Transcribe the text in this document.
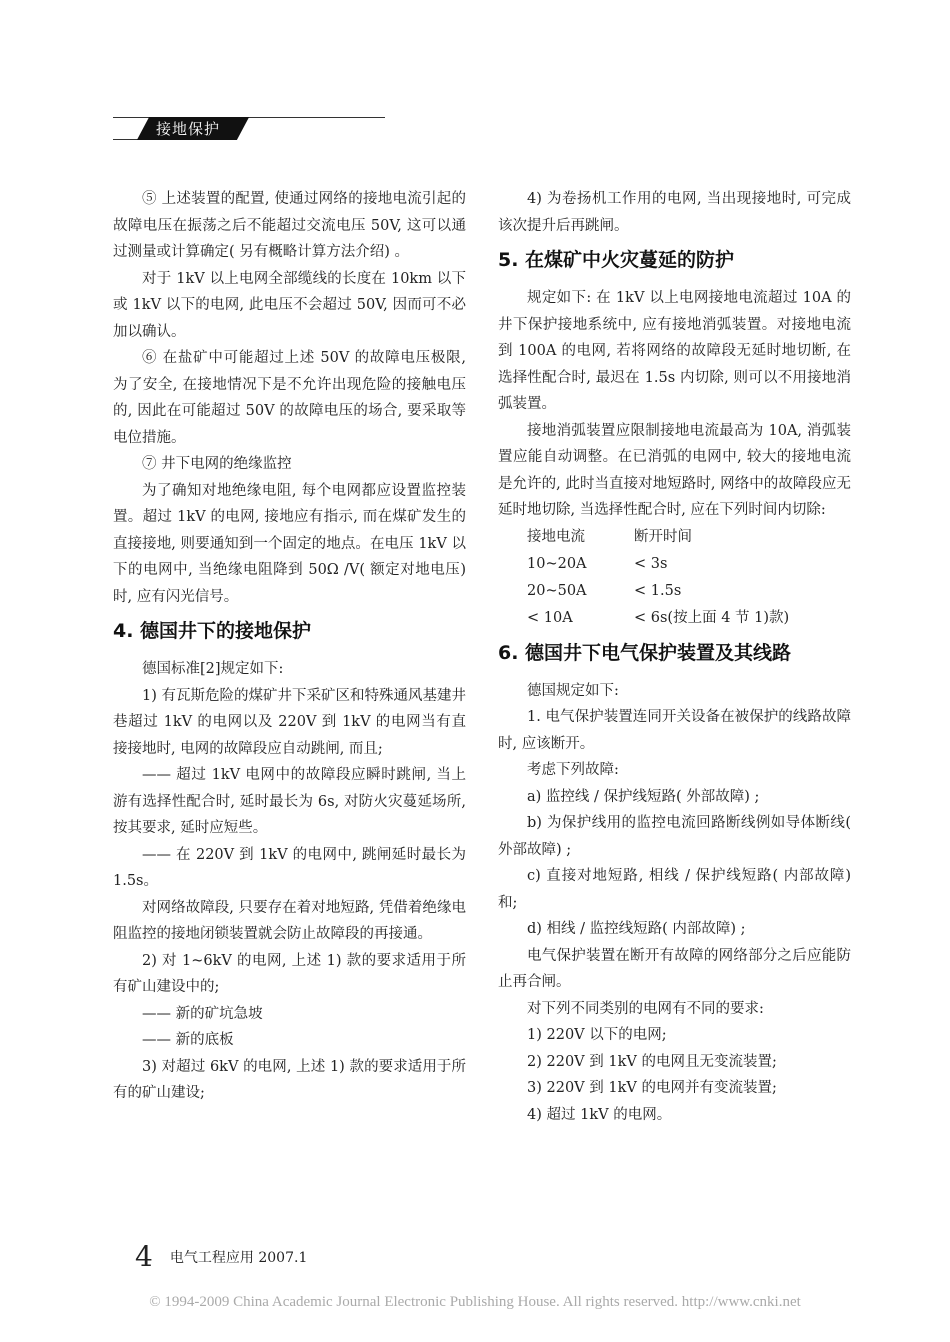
接地保护

⑤ 上述装置的配置, 使通过网络的接地电流引起的故障电压在振荡之后不能超过交流电压 50V, 这可以通过测量或计算确定( 另有概略计算方法介绍) 。

对于 1kV 以上电网全部缆线的长度在 10km 以下或 1kV 以下的电网, 此电压不会超过 50V, 因而可不必加以确认。

⑥ 在盐矿中可能超过上述 50V 的故障电压极限, 为了安全, 在接地情况下是不允许出现危险的接触电压的, 因此在可能超过 50V 的故障电压的场合, 要采取等电位措施。

⑦ 井下电网的绝缘监控

为了确知对地绝缘电阻, 每个电网都应设置监控装置。超过 1kV 的电网, 接地应有指示, 而在煤矿发生的直接接地, 则要通知到一个固定的地点。在电压 1kV 以下的电网中, 当绝缘电阻降到 50Ω /V( 额定对地电压) 时, 应有闪光信号。

4. 德国井下的接地保护

德国标准[2]规定如下:

1) 有瓦斯危险的煤矿井下采矿区和特殊通风基建井巷超过 1kV 的电网以及 220V 到 1kV 的电网当有直接接地时, 电网的故障段应自动跳闸, 而且;

—— 超过 1kV 电网中的故障段应瞬时跳闸, 当上游有选择性配合时, 延时最长为 6s, 对防火灾蔓延场所, 按其要求, 延时应短些。

—— 在 220V 到 1kV 的电网中, 跳闸延时最长为 1.5s。

对网络故障段, 只要存在着对地短路, 凭借着绝缘电阻监控的接地闭锁装置就会防止故障段的再接通。

2) 对 1~6kV 的电网, 上述 1) 款的要求适用于所有矿山建设中的;

—— 新的矿坑急坡

—— 新的底板

3) 对超过 6kV 的电网, 上述 1) 款的要求适用于所有的矿山建设;

4) 为卷扬机工作用的电网, 当出现接地时, 可完成该次提升后再跳闸。

5. 在煤矿中火灾蔓延的防护

规定如下: 在 1kV 以上电网接地电流超过 10A 的井下保护接地系统中, 应有接地消弧装置。对接地电流到 100A 的电网, 若将网络的故障段无延时地切断, 在选择性配合时, 最迟在 1.5s 内切除, 则可以不用接地消弧装置。

接地消弧装置应限制接地电流最高为 10A, 消弧装置应能自动调整。在已消弧的电网中, 较大的接地电流是允许的, 此时当直接对地短路时, 网络中的故障段应无延时地切除, 当选择性配合时, 应在下列时间内切除:

接地电流	断开时间
10~20A	< 3s
20~50A	< 1.5s
< 10A	< 6s(按上面 4 节 1)款)
6. 德国井下电气保护装置及其线路

德国规定如下:

1. 电气保护装置连同开关设备在被保护的线路故障时, 应该断开。

考虑下列故障:

a) 监控线 / 保护线短路( 外部故障) ;

b) 为保护线用的监控电流回路断线例如导体断线( 外部故障) ;

c) 直接对地短路, 相线 / 保护线短路( 内部故障) 和;

d) 相线 / 监控线短路( 内部故障) ;

电气保护装置在断开有故障的网络部分之后应能防止再合闸。

对下列不同类别的电网有不同的要求:

1) 220V 以下的电网;

2) 220V 到 1kV 的电网且无变流装置;

3) 220V 到 1kV 的电网并有变流装置;

4) 超过 1kV 的电网。

4 电气工程应用 2007.1
© 1994-2009 China Academic Journal Electronic Publishing House. All rights reserved. http://www.cnki.net
